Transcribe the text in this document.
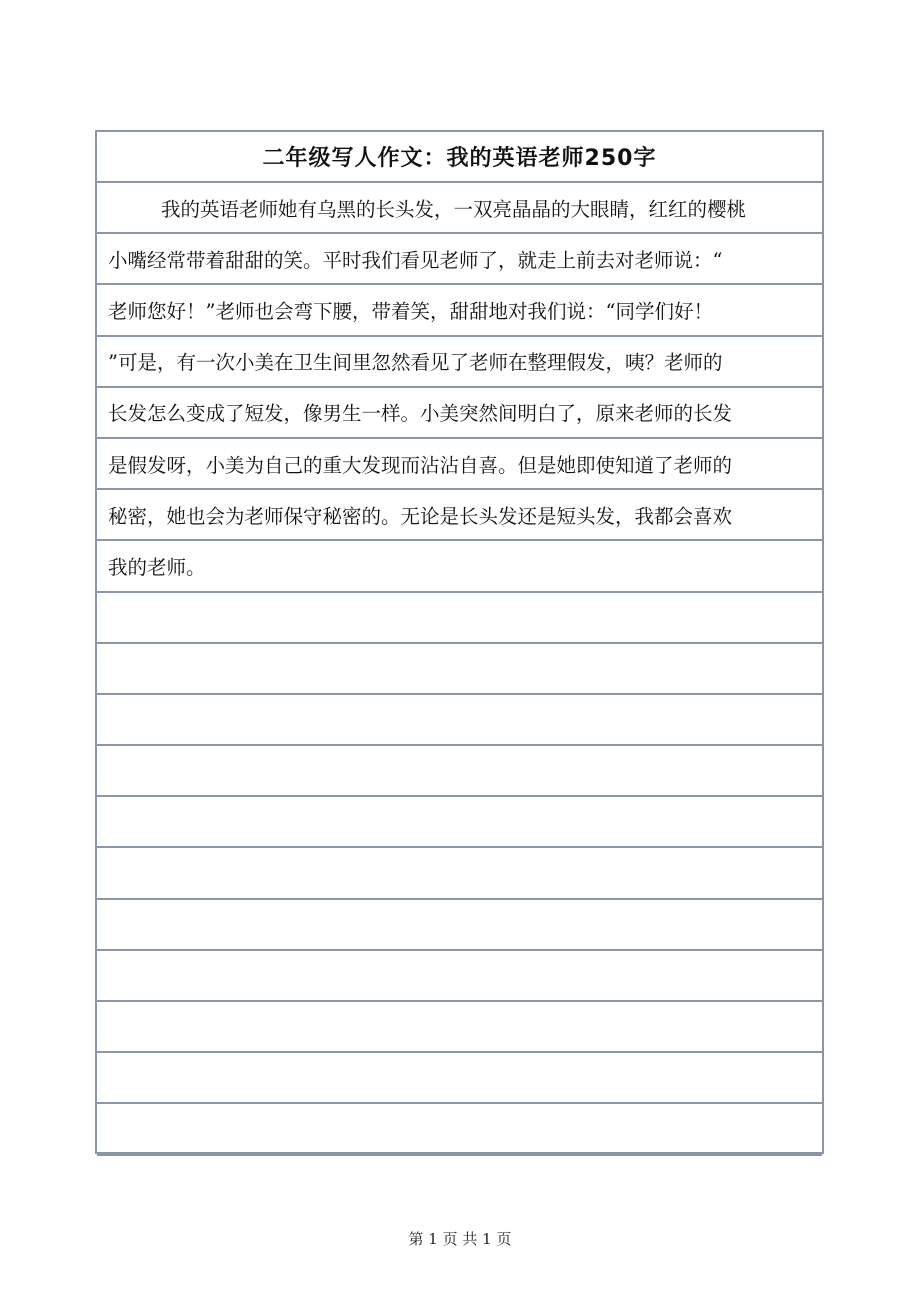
二年级写人作文：我的英语老师250字
我的英语老师她有乌黑的长头发，一双亮晶晶的大眼睛，红红的樱桃
小嘴经常带着甜甜的笑。平时我们看见老师了，就走上前去对老师说：“
老师您好！”老师也会弯下腰，带着笑，甜甜地对我们说：“同学们好！
”可是，有一次小美在卫生间里忽然看见了老师在整理假发，咦？老师的
长发怎么变成了短发，像男生一样。小美突然间明白了，原来老师的长发
是假发呀，小美为自己的重大发现而沾沾自喜。但是她即使知道了老师的
秘密，她也会为老师保守秘密的。无论是长头发还是短头发，我都会喜欢
我的老师。
第 1 页 共 1 页
